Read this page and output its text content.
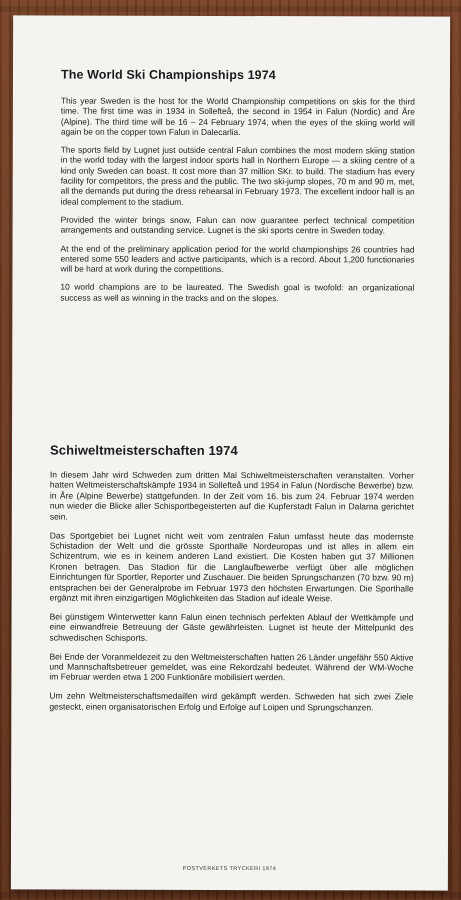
The World Ski Championships 1974

This year Sweden is the host for the World Championship competitions on skis for the third time. The first time was in 1934 in Sollefteå, the second in 1954 in Falun (Nordic) and Åre (Alpine). The third time will be 16 – 24 February 1974, when the eyes of the skiing world will again be on the copper town Falun in Dalecarlia.

The sports field by Lugnet just outside central Falun combines the most modern skiing station in the world today with the largest indoor sports hall in Northern Europe — a skiing centre of a kind only Sweden can boast. It cost more than 37 million SKr. to build. The stadium has every facility for competitors, the press and the public. The two ski-jump slopes, 70 m and 90 m, met, all the demands put during the dress rehearsal in February 1973. The excellent indoor hall is an ideal complement to the stadium.

Provided the winter brings snow, Falun can now guarantee perfect technical competition arrangements and outstanding service. Lugnet is the ski sports centre in Sweden today.

At the end of the preliminary application period for the world championships 26 countries had entered some 550 leaders and active participants, which is a record. About 1,200 functionaries will be hard at work during the competitions.

10 world champions are to be laureated. The Swedish goal is twofold: an organizational success as well as winning in the tracks and on the slopes.

Schiweltmeisterschaften 1974

In diesem Jahr wird Schweden zum dritten Mal Schiweltmeisterschaften veranstalten. Vorher hatten Weltmeisterschaftskämpfe 1934 in Sollefteå und 1954 in Falun (Nordische Bewerbe) bzw. in Åre (Alpine Bewerbe) stattgefunden. In der Zeit vom 16. bis zum 24. Februar 1974 werden nun wieder die Blicke aller Schisportbegeisterten auf die Kupferstadt Falun in Dalarna gerichtet sein.

Das Sportgebiet bei Lugnet nicht weit vom zentralen Falun umfasst heute das modernste Schistadion der Welt und die grösste Sporthalle Nordeuropas und ist alles in allem ein Schizentrum, wie es in keinem anderen Land existiert. Die Kosten haben gut 37 Millionen Kronen betragen. Das Stadion für die Langlaufbewerbe verfügt über alle möglichen Einrichtungen für Sportler, Reporter und Zuschauer. Die beiden Sprungschanzen (70 bzw. 90 m) entsprachen bei der Generalprobe im Februar 1973 den höchsten Erwartungen. Die Sporthalle ergänzt mit ihren einzigartigen Möglichkeiten das Stadion auf ideale Weise.

Bei günstigem Winterwetter kann Falun einen technisch perfekten Ablauf der Wettkämpfe und eine einwandfreie Betreuung der Gäste gewährleisten. Lugnet ist heute der Mittelpunkt des schwedischen Schisports.

Bei Ende der Voranmeldezeit zu den Weltmeisterschaften hatten 26 Länder ungefähr 550 Aktive und Mannschaftsbetreuer gemeldet, was eine Rekordzahl bedeutet. Während der WM-Woche im Februar werden etwa 1 200 Funktionäre mobilisiert werden.

Um zehn Weltmeisterschaftsmedaillen wird gekämpft werden. Schweden hat sich zwei Ziele gesteckt, einen organisatorischen Erfolg und Erfolge auf Loipen und Sprungschanzen.

POSTVERKETS TRYCKERI 1974
